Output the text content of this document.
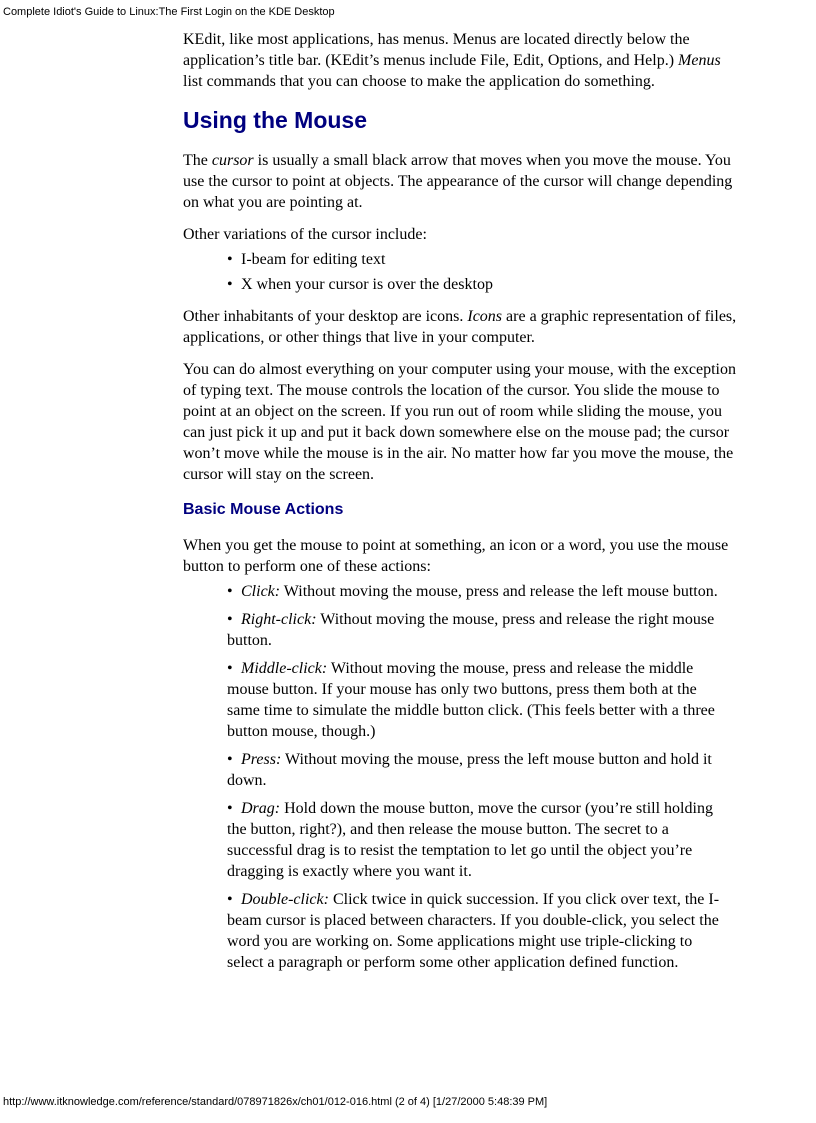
Complete Idiot's Guide to Linux:The First Login on the KDE Desktop

KEdit, like most applications, has menus. Menus are located directly below the application’s title bar. (KEdit’s menus include File, Edit, Options, and Help.) Menus list commands that you can choose to make the application do something.

Using the Mouse

The cursor is usually a small black arrow that moves when you move the mouse. You use the cursor to point at objects. The appearance of the cursor will change depending on what you are pointing at.

Other variations of the cursor include:

• I-beam for editing text
• X when your cursor is over the desktop

Other inhabitants of your desktop are icons. Icons are a graphic representation of files, applications, or other things that live in your computer.

You can do almost everything on your computer using your mouse, with the exception of typing text. The mouse controls the location of the cursor. You slide the mouse to point at an object on the screen. If you run out of room while sliding the mouse, you can just pick it up and put it back down somewhere else on the mouse pad; the cursor won’t move while the mouse is in the air. No matter how far you move the mouse, the cursor will stay on the screen.

Basic Mouse Actions

When you get the mouse to point at something, an icon or a word, you use the mouse button to perform one of these actions:

• Click: Without moving the mouse, press and release the left mouse button.
• Right-click: Without moving the mouse, press and release the right mouse button.
• Middle-click: Without moving the mouse, press and release the middle mouse button. If your mouse has only two buttons, press them both at the same time to simulate the middle button click. (This feels better with a three button mouse, though.)
• Press: Without moving the mouse, press the left mouse button and hold it down.
• Drag: Hold down the mouse button, move the cursor (you’re still holding the button, right?), and then release the mouse button. The secret to a successful drag is to resist the temptation to let go until the object you’re dragging is exactly where you want it.
• Double-click: Click twice in quick succession. If you click over text, the I-beam cursor is placed between characters. If you double-click, you select the word you are working on. Some applications might use triple-clicking to select a paragraph or perform some other application defined function.
http://www.itknowledge.com/reference/standard/078971826x/ch01/012-016.html (2 of 4) [1/27/2000 5:48:39 PM]
